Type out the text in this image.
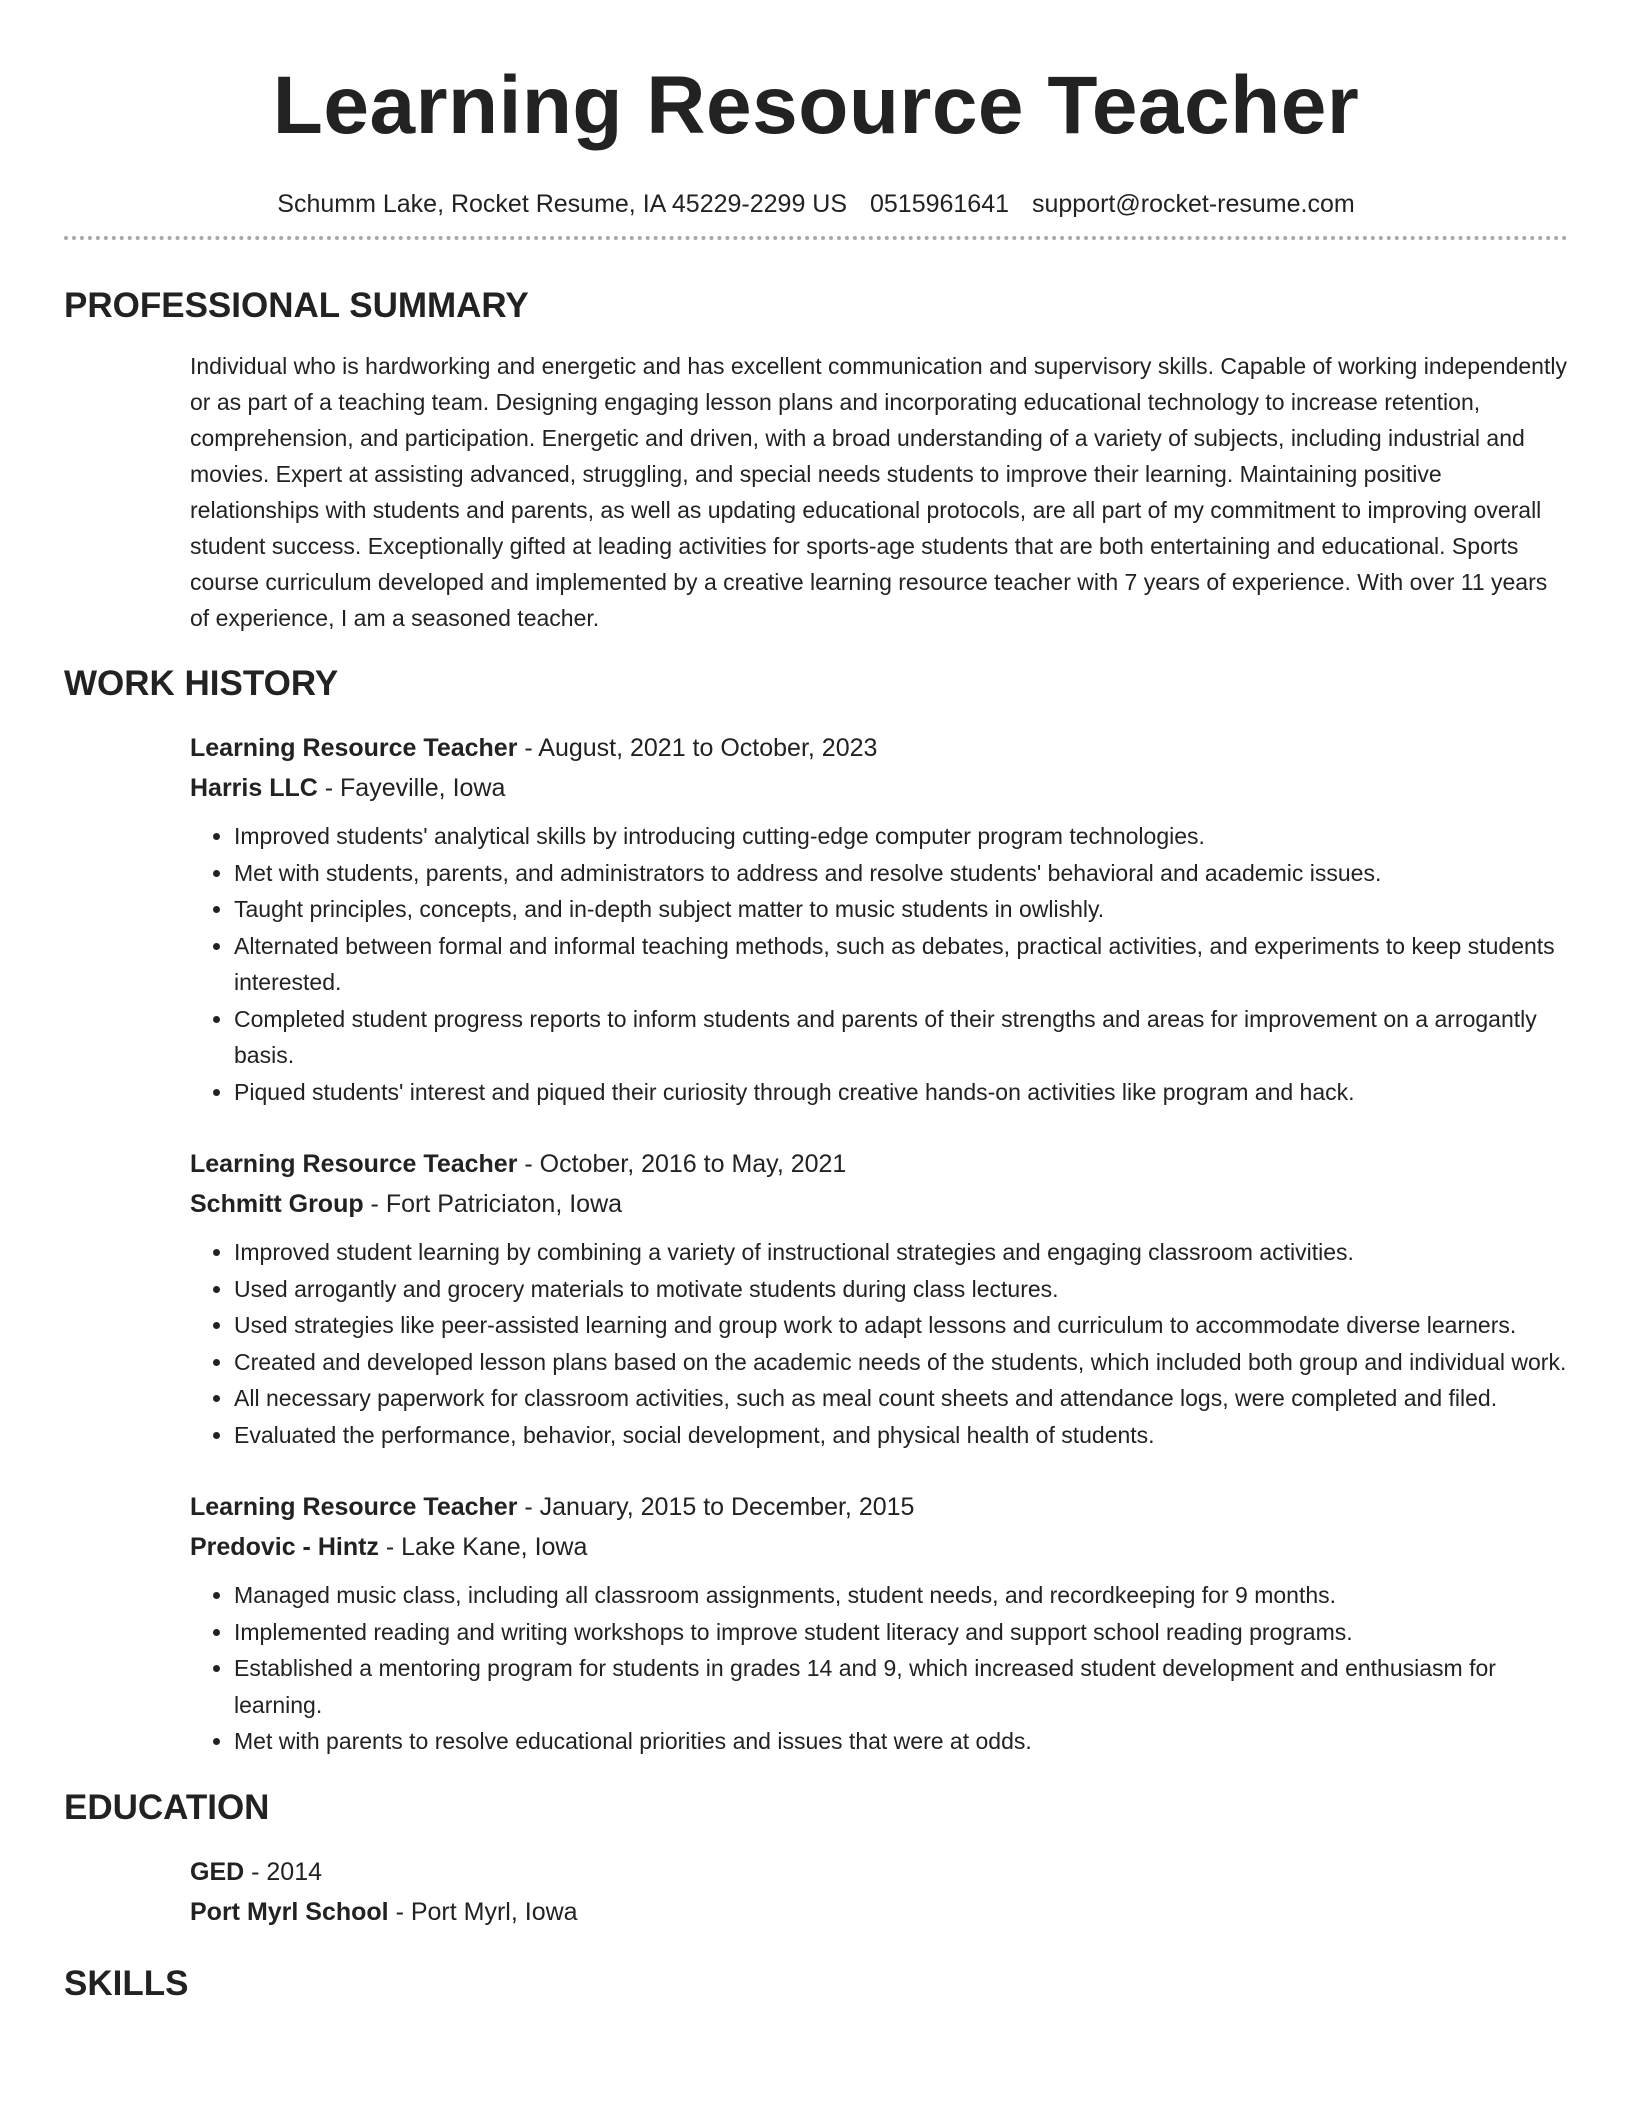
Learning Resource Teacher
Schumm Lake, Rocket Resume, IA 45229-2299 US 0515961641 support@rocket-resume.com
PROFESSIONAL SUMMARY
Individual who is hardworking and energetic and has excellent communication and supervisory skills. Capable of working independently or as part of a teaching team. Designing engaging lesson plans and incorporating educational technology to increase retention, comprehension, and participation. Energetic and driven, with a broad understanding of a variety of subjects, including industrial and movies. Expert at assisting advanced, struggling, and special needs students to improve their learning. Maintaining positive relationships with students and parents, as well as updating educational protocols, are all part of my commitment to improving overall student success. Exceptionally gifted at leading activities for sports-age students that are both entertaining and educational. Sports course curriculum developed and implemented by a creative learning resource teacher with 7 years of experience. With over 11 years of experience, I am a seasoned teacher.
WORK HISTORY
Learning Resource Teacher - August, 2021 to October, 2023
Harris LLC - Fayeville, Iowa
• Improved students' analytical skills by introducing cutting-edge computer program technologies.
• Met with students, parents, and administrators to address and resolve students' behavioral and academic issues.
• Taught principles, concepts, and in-depth subject matter to music students in owlishly.
• Alternated between formal and informal teaching methods, such as debates, practical activities, and experiments to keep students interested.
• Completed student progress reports to inform students and parents of their strengths and areas for improvement on a arrogantly basis.
• Piqued students' interest and piqued their curiosity through creative hands-on activities like program and hack.
Learning Resource Teacher - October, 2016 to May, 2021
Schmitt Group - Fort Patriciaton, Iowa
• Improved student learning by combining a variety of instructional strategies and engaging classroom activities.
• Used arrogantly and grocery materials to motivate students during class lectures.
• Used strategies like peer-assisted learning and group work to adapt lessons and curriculum to accommodate diverse learners.
• Created and developed lesson plans based on the academic needs of the students, which included both group and individual work.
• All necessary paperwork for classroom activities, such as meal count sheets and attendance logs, were completed and filed.
• Evaluated the performance, behavior, social development, and physical health of students.
Learning Resource Teacher - January, 2015 to December, 2015
Predovic - Hintz - Lake Kane, Iowa
• Managed music class, including all classroom assignments, student needs, and recordkeeping for 9 months.
• Implemented reading and writing workshops to improve student literacy and support school reading programs.
• Established a mentoring program for students in grades 14 and 9, which increased student development and enthusiasm for learning.
• Met with parents to resolve educational priorities and issues that were at odds.
EDUCATION
GED - 2014
Port Myrl School - Port Myrl, Iowa
SKILLS
